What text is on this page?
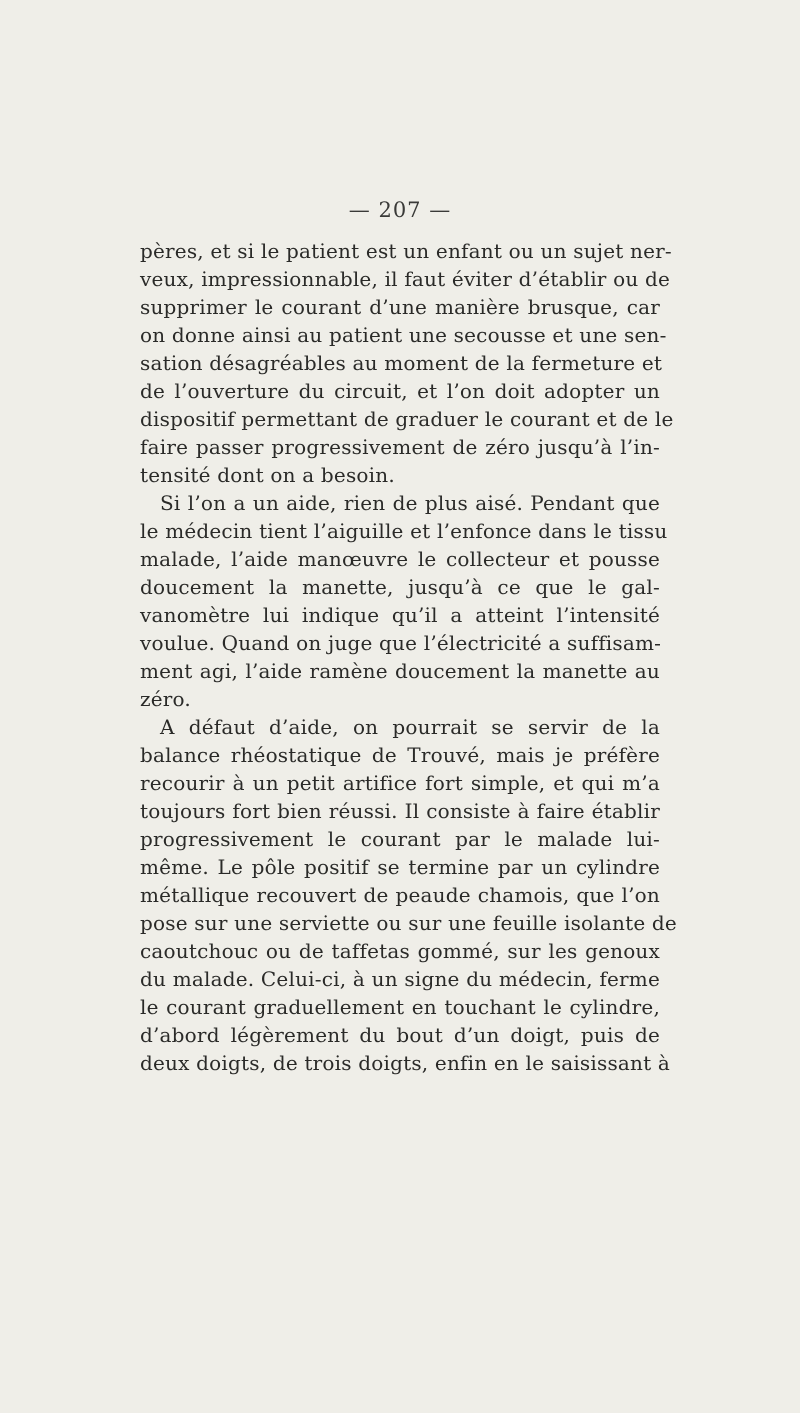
— 207 —
pères, et si le patient est un enfant ou un sujet ner-
veux, impressionnable, il faut éviter d’établir ou de
supprimer le courant d’une manière brusque, car
on donne ainsi au patient une secousse et une sen-
sation désagréables au moment de la fermeture et
de l’ouverture du circuit, et l’on doit adopter un
dispositif permettant de graduer le courant et de le
faire passer progressivement de zéro jusqu’à l’in-
tensité dont on a besoin.
Si l’on a un aide, rien de plus aisé. Pendant que
le médecin tient l’aiguille et l’enfonce dans le tissu
malade, l’aide manœuvre le collecteur et pousse
doucement la manette, jusqu’à ce que le gal-
vanomètre lui indique qu’il a atteint l’intensité
voulue. Quand on juge que l’électricité a suffisam-
ment agi, l’aide ramène doucement la manette au
zéro.
A défaut d’aide, on pourrait se servir de la
balance rhéostatique de Trouvé, mais je préfère
recourir à un petit artifice fort simple, et qui m’a
toujours fort bien réussi. Il consiste à faire établir
progressivement le courant par le malade lui-
même. Le pôle positif se termine par un cylindre
métallique recouvert de peaude chamois, que l’on
pose sur une serviette ou sur une feuille isolante de
caoutchouc ou de taffetas gommé, sur les genoux
du malade. Celui-ci, à un signe du médecin, ferme
le courant graduellement en touchant le cylindre,
d’abord légèrement du bout d’un doigt, puis de
deux doigts, de trois doigts, enfin en le saisissant à
